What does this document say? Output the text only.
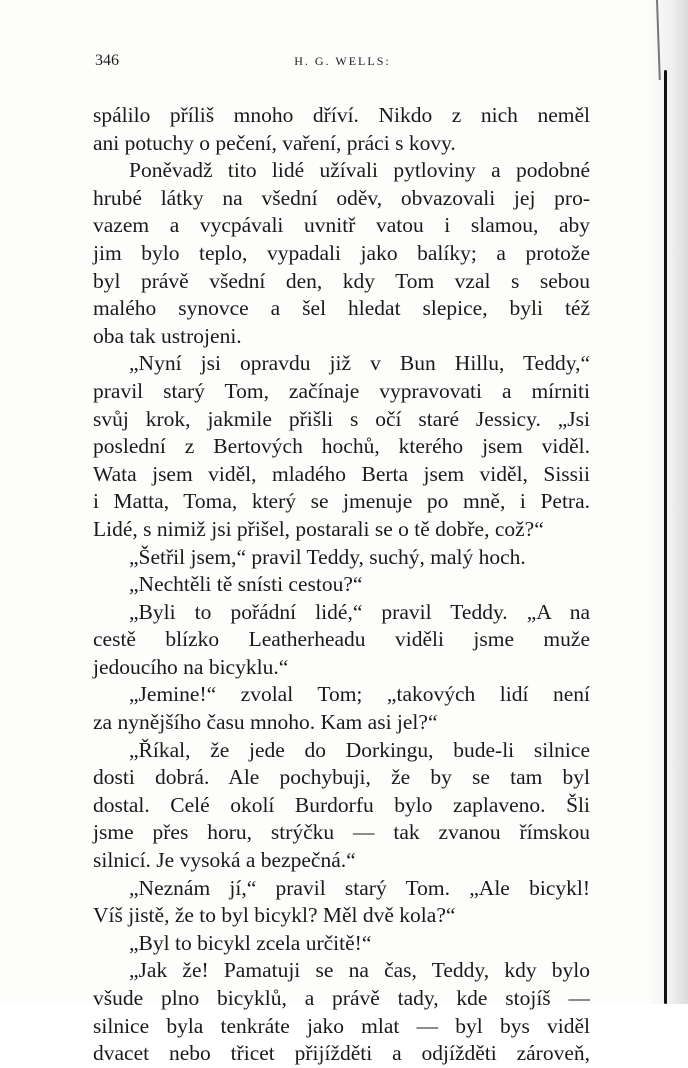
346	H. G. WELLS:
spálilo příliš mnoho dříví. Nikdo z nich neměl
ani potuchy o pečení, vaření, práci s kovy.
Poněvadž tito lidé užívali pytloviny a podobné
hrubé látky na všední oděv, obvazovali jej pro-
vazem a vycpávali uvnitř vatou i slamou, aby
jim bylo teplo, vypadali jako balíky; a protože
byl právě všední den, kdy Tom vzal s sebou
malého synovce a šel hledat slepice, byli též
oba tak ustrojeni.
„Nyní jsi opravdu již v Bun Hillu, Teddy,“
pravil starý Tom, začínaje vypravovati a mírniti
svůj krok, jakmile přišli s očí staré Jessicy. „Jsi
poslední z Bertových hochů, kterého jsem viděl.
Wata jsem viděl, mladého Berta jsem viděl, Sissii
i Matta, Toma, který se jmenuje po mně, i Petra.
Lidé, s nimiž jsi přišel, postarali se o tě dobře, což?“
„Šetřil jsem,“ pravil Teddy, suchý, malý hoch.
„Nechtěli tě snísti cestou?“
„Byli to pořádní lidé,“ pravil Teddy. „A na
cestě blízko Leatherheadu viděli jsme muže
jedoucího na bicyklu.“
„Jemine!“ zvolal Tom; „takových lidí není
za nynějšího času mnoho. Kam asi jel?“
„Říkal, že jede do Dorkingu, bude-li silnice
dosti dobrá. Ale pochybuji, že by se tam byl
dostal. Celé okolí Burdorfu bylo zaplaveno. Šli
jsme přes horu, strýčku — tak zvanou římskou
silnicí. Je vysoká a bezpečná.“
„Neznám jí,“ pravil starý Tom. „Ale bicykl!
Víš jistě, že to byl bicykl? Měl dvě kola?“
„Byl to bicykl zcela určitě!“
„Jak že! Pamatuji se na čas, Teddy, kdy bylo
všude plno bicyklů, a právě tady, kde stojíš —
silnice byla tenkráte jako mlat — byl bys viděl
dvacet nebo třicet přijížděti a odjížděti zároveň,
